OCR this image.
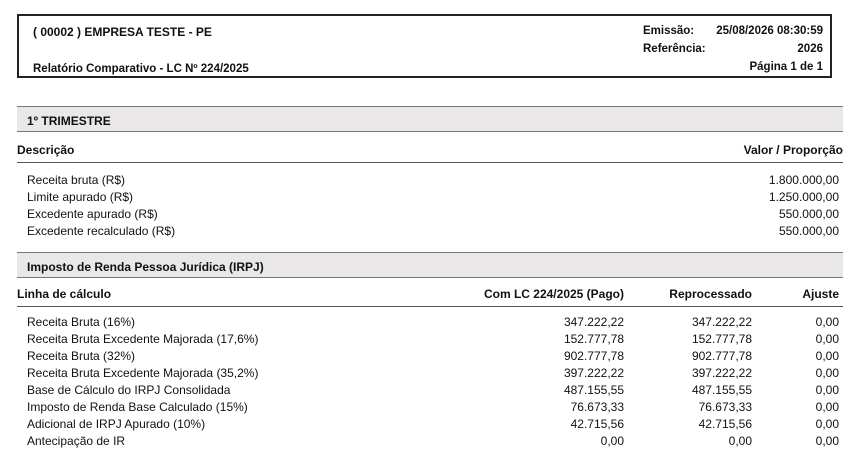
( 00002 ) EMPRESA TESTE - PE
Relatório Comparativo - LC Nº 224/2025
Emissão: 25/08/2026 08:30:59
Referência:	2026
Página 1 de 1
1º TRIMESTRE
Descrição	Valor / Proporção
Receita bruta (R$)	1.800.000,00
Limite apurado (R$)	1.250.000,00
Excedente apurado (R$)	550.000,00
Excedente recalculado (R$)	550.000,00
Imposto de Renda Pessoa Jurídica (IRPJ)
Linha de cálculo	Com LC 224/2025 (Pago)	Reprocessado	Ajuste
Receita Bruta (16%)	347.222,22	347.222,22	0,00
Receita Bruta Excedente Majorada (17,6%)	152.777,78	152.777,78	0,00
Receita Bruta (32%)	902.777,78	902.777,78	0,00
Receita Bruta Excedente Majorada (35,2%)	397.222,22	397.222,22	0,00
Base de Cálculo do IRPJ Consolidada	487.155,55	487.155,55	0,00
Imposto de Renda Base Calculado (15%)	76.673,33	76.673,33	0,00
Adicional de IRPJ Apurado (10%)	42.715,56	42.715,56	0,00
Antecipação de IR	0,00	0,00	0,00
